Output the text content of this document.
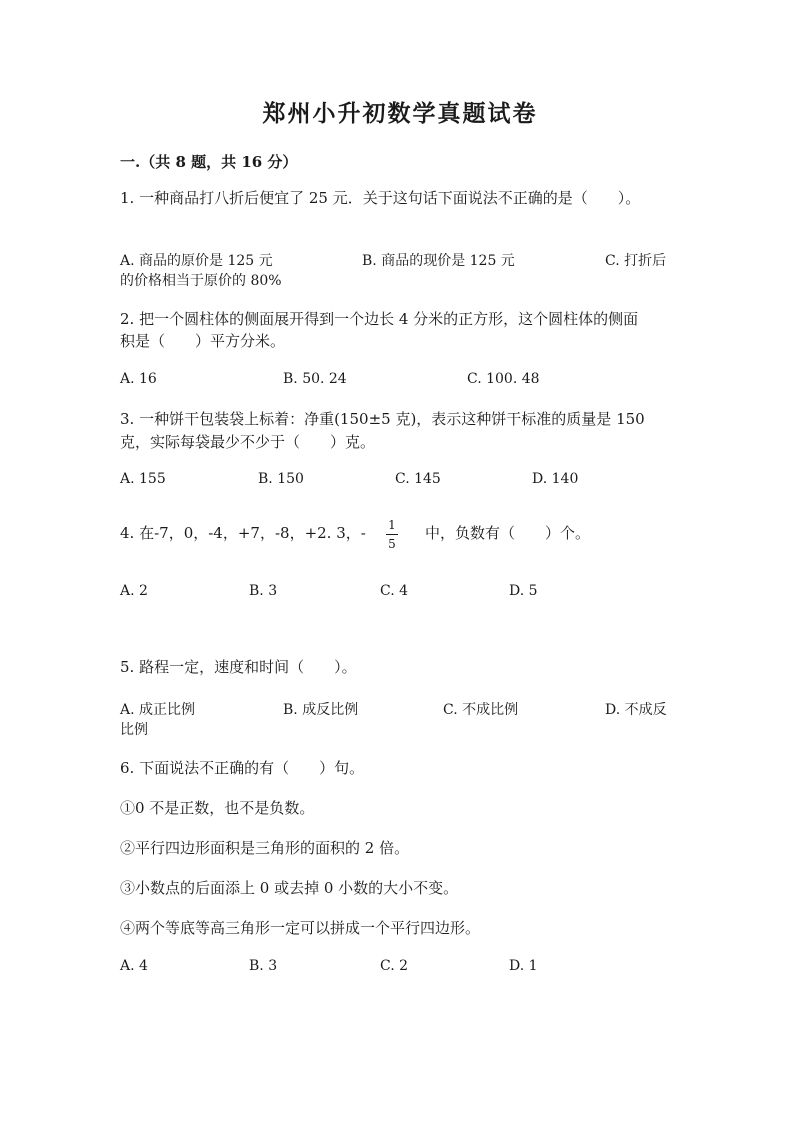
郑州小升初数学真题试卷
一.（共 8 题，共 16 分）
1. 一种商品打八折后便宜了 25 元．关于这句话下面说法不正确的是（　　）。
A. 商品的原价是 125 元	B. 商品的现价是 125 元	C. 打折后
的价格相当于原价的 80%
2. 把一个圆柱体的侧面展开得到一个边长 4 分米的正方形，这个圆柱体的侧面
积是（　　）平方分米。
A. 16	B. 50. 24	C. 100. 48
3. 一种饼干包装袋上标着：净重(150±5 克)，表示这种饼干标准的质量是 150
克，实际每袋最少不少于（　　）克。
A. 155	B. 150	C. 145	D. 140
4. 在-7，0，-4，+7，-8，+2. 3，- 1
5
中，负数有（　　）个。
A. 2	B. 3	C. 4	D. 5
5. 路程一定，速度和时间（　　）。
A. 成正比例	B. 成反比例	C. 不成比例	D. 不成反
比例
6. 下面说法不正确的有（　　）句。
①0 不是正数，也不是负数。
②平行四边形面积是三角形的面积的 2 倍。
③小数点的后面添上 0 或去掉 0 小数的大小不变。
④两个等底等高三角形一定可以拼成一个平行四边形。
A. 4	B. 3	C. 2	D. 1
